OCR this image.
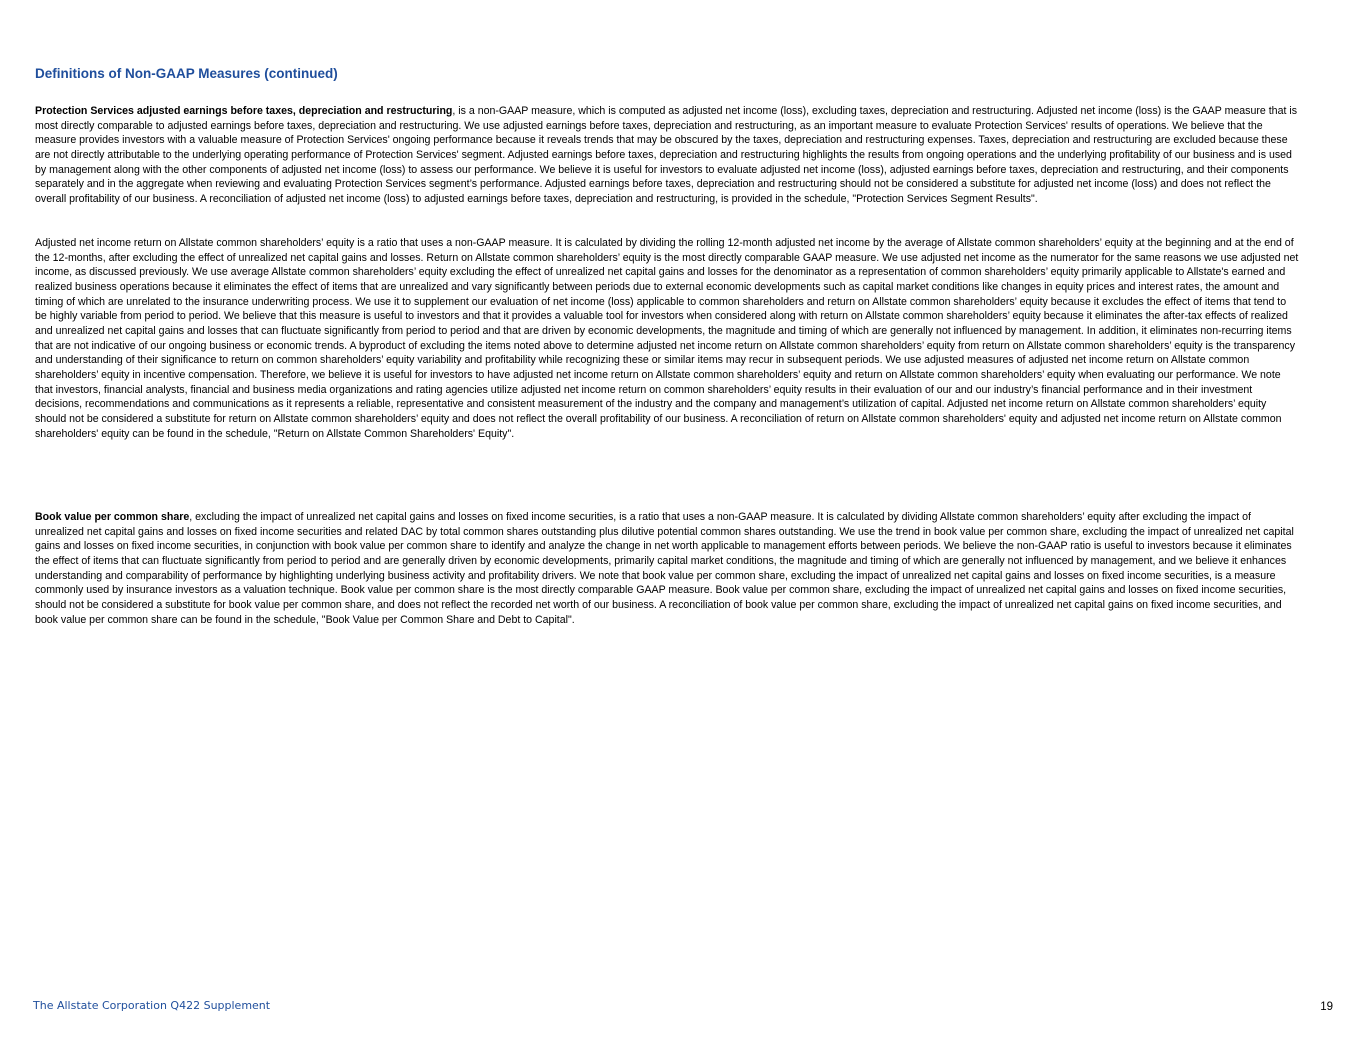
Definitions of Non-GAAP Measures (continued)

Protection Services adjusted earnings before taxes, depreciation and restructuring, is a non-GAAP measure, which is computed as adjusted net income (loss), excluding taxes, depreciation and restructuring. Adjusted net income (loss) is the GAAP measure that is most directly comparable to adjusted earnings before taxes, depreciation and restructuring. We use adjusted earnings before taxes, depreciation and restructuring, as an important measure to evaluate Protection Services' results of operations. We believe that the measure provides investors with a valuable measure of Protection Services' ongoing performance because it reveals trends that may be obscured by the taxes, depreciation and restructuring expenses. Taxes, depreciation and restructuring are excluded because these are not directly attributable to the underlying operating performance of Protection Services' segment. Adjusted earnings before taxes, depreciation and restructuring highlights the results from ongoing operations and the underlying profitability of our business and is used by management along with the other components of adjusted net income (loss) to assess our performance. We believe it is useful for investors to evaluate adjusted net income (loss), adjusted earnings before taxes, depreciation and restructuring, and their components separately and in the aggregate when reviewing and evaluating Protection Services segment’s performance. Adjusted earnings before taxes, depreciation and restructuring should not be considered a substitute for adjusted net income (loss) and does not reflect the overall profitability of our business. A reconciliation of adjusted net income (loss) to adjusted earnings before taxes, depreciation and restructuring, is provided in the schedule, "Protection Services Segment Results".

Adjusted net income return on Allstate common shareholders’ equity is a ratio that uses a non-GAAP measure. It is calculated by dividing the rolling 12-month adjusted net income by the average of Allstate common shareholders’ equity at the beginning and at the end of the 12-months, after excluding the effect of unrealized net capital gains and losses. Return on Allstate common shareholders’ equity is the most directly comparable GAAP measure. We use adjusted net income as the numerator for the same reasons we use adjusted net income, as discussed previously. We use average Allstate common shareholders’ equity excluding the effect of unrealized net capital gains and losses for the denominator as a representation of common shareholders’ equity primarily applicable to Allstate's earned and realized business operations because it eliminates the effect of items that are unrealized and vary significantly between periods due to external economic developments such as capital market conditions like changes in equity prices and interest rates, the amount and timing of which are unrelated to the insurance underwriting process. We use it to supplement our evaluation of net income (loss) applicable to common shareholders and return on Allstate common shareholders’ equity because it excludes the effect of items that tend to be highly variable from period to period. We believe that this measure is useful to investors and that it provides a valuable tool for investors when considered along with return on Allstate common shareholders’ equity because it eliminates the after-tax effects of realized and unrealized net capital gains and losses that can fluctuate significantly from period to period and that are driven by economic developments, the magnitude and timing of which are generally not influenced by management. In addition, it eliminates non-recurring items that are not indicative of our ongoing business or economic trends. A byproduct of excluding the items noted above to determine adjusted net income return on Allstate common shareholders’ equity from return on Allstate common shareholders’ equity is the transparency and understanding of their significance to return on common shareholders’ equity variability and profitability while recognizing these or similar items may recur in subsequent periods. We use adjusted measures of adjusted net income return on Allstate common shareholders’ equity in incentive compensation. Therefore, we believe it is useful for investors to have adjusted net income return on Allstate common shareholders’ equity and return on Allstate common shareholders’ equity when evaluating our performance. We note that investors, financial analysts, financial and business media organizations and rating agencies utilize adjusted net income return on common shareholders’ equity results in their evaluation of our and our industry’s financial performance and in their investment decisions, recommendations and communications as it represents a reliable, representative and consistent measurement of the industry and the company and management’s utilization of capital. Adjusted net income return on Allstate common shareholders’ equity should not be considered a substitute for return on Allstate common shareholders’ equity and does not reflect the overall profitability of our business. A reconciliation of return on Allstate common shareholders' equity and adjusted net income return on Allstate common shareholders' equity can be found in the schedule, "Return on Allstate Common Shareholders' Equity".

Book value per common share, excluding the impact of unrealized net capital gains and losses on fixed income securities, is a ratio that uses a non-GAAP measure. It is calculated by dividing Allstate common shareholders’ equity after excluding the impact of unrealized net capital gains and losses on fixed income securities and related DAC by total common shares outstanding plus dilutive potential common shares outstanding. We use the trend in book value per common share, excluding the impact of unrealized net capital gains and losses on fixed income securities, in conjunction with book value per common share to identify and analyze the change in net worth applicable to management efforts between periods. We believe the non-GAAP ratio is useful to investors because it eliminates the effect of items that can fluctuate significantly from period to period and are generally driven by economic developments, primarily capital market conditions, the magnitude and timing of which are generally not influenced by management, and we believe it enhances understanding and comparability of performance by highlighting underlying business activity and profitability drivers. We note that book value per common share, excluding the impact of unrealized net capital gains and losses on fixed income securities, is a measure commonly used by insurance investors as a valuation technique. Book value per common share is the most directly comparable GAAP measure. Book value per common share, excluding the impact of unrealized net capital gains and losses on fixed income securities, should not be considered a substitute for book value per common share, and does not reflect the recorded net worth of our business. A reconciliation of book value per common share, excluding the impact of unrealized net capital gains on fixed income securities, and book value per common share can be found in the schedule, "Book Value per Common Share and Debt to Capital".

The Allstate Corporation Q422 Supplement	19
